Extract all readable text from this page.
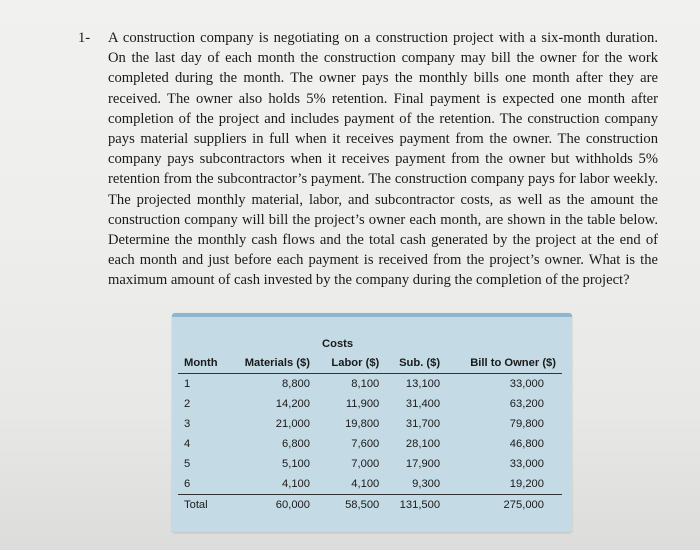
1- A construction company is negotiating on a construction project with a six-month duration. On the last day of each month the construction company may bill the owner for the work completed during the month. The owner pays the monthly bills one month after they are received. The owner also holds 5% retention. Final payment is expected one month after completion of the project and includes payment of the retention. The construction company pays material suppliers in full when it receives payment from the owner. The construction company pays subcontractors when it receives payment from the owner but withholds 5% retention from the subcontractor’s payment. The construction company pays for labor weekly. The projected monthly material, labor, and subcontractor costs, as well as the amount the construction company will bill the project’s owner each month, are shown in the table below. Determine the monthly cash flows and the total cash generated by the project at the end of each month and just before each payment is received from the project’s owner. What is the maximum amount of cash invested by the company during the completion of the project?
	Costs			
Month	Materials ($)	Labor ($)	Sub. ($)	Bill to Owner ($)
1	8,800	8,100	13,100	33,000
2	14,200	11,900	31,400	63,200
3	21,000	19,800	31,700	79,800
4	6,800	7,600	28,100	46,800
5	5,100	7,000	17,900	33,000
6	4,100	4,100	9,300	19,200
Total	60,000	58,500	131,500	275,000
